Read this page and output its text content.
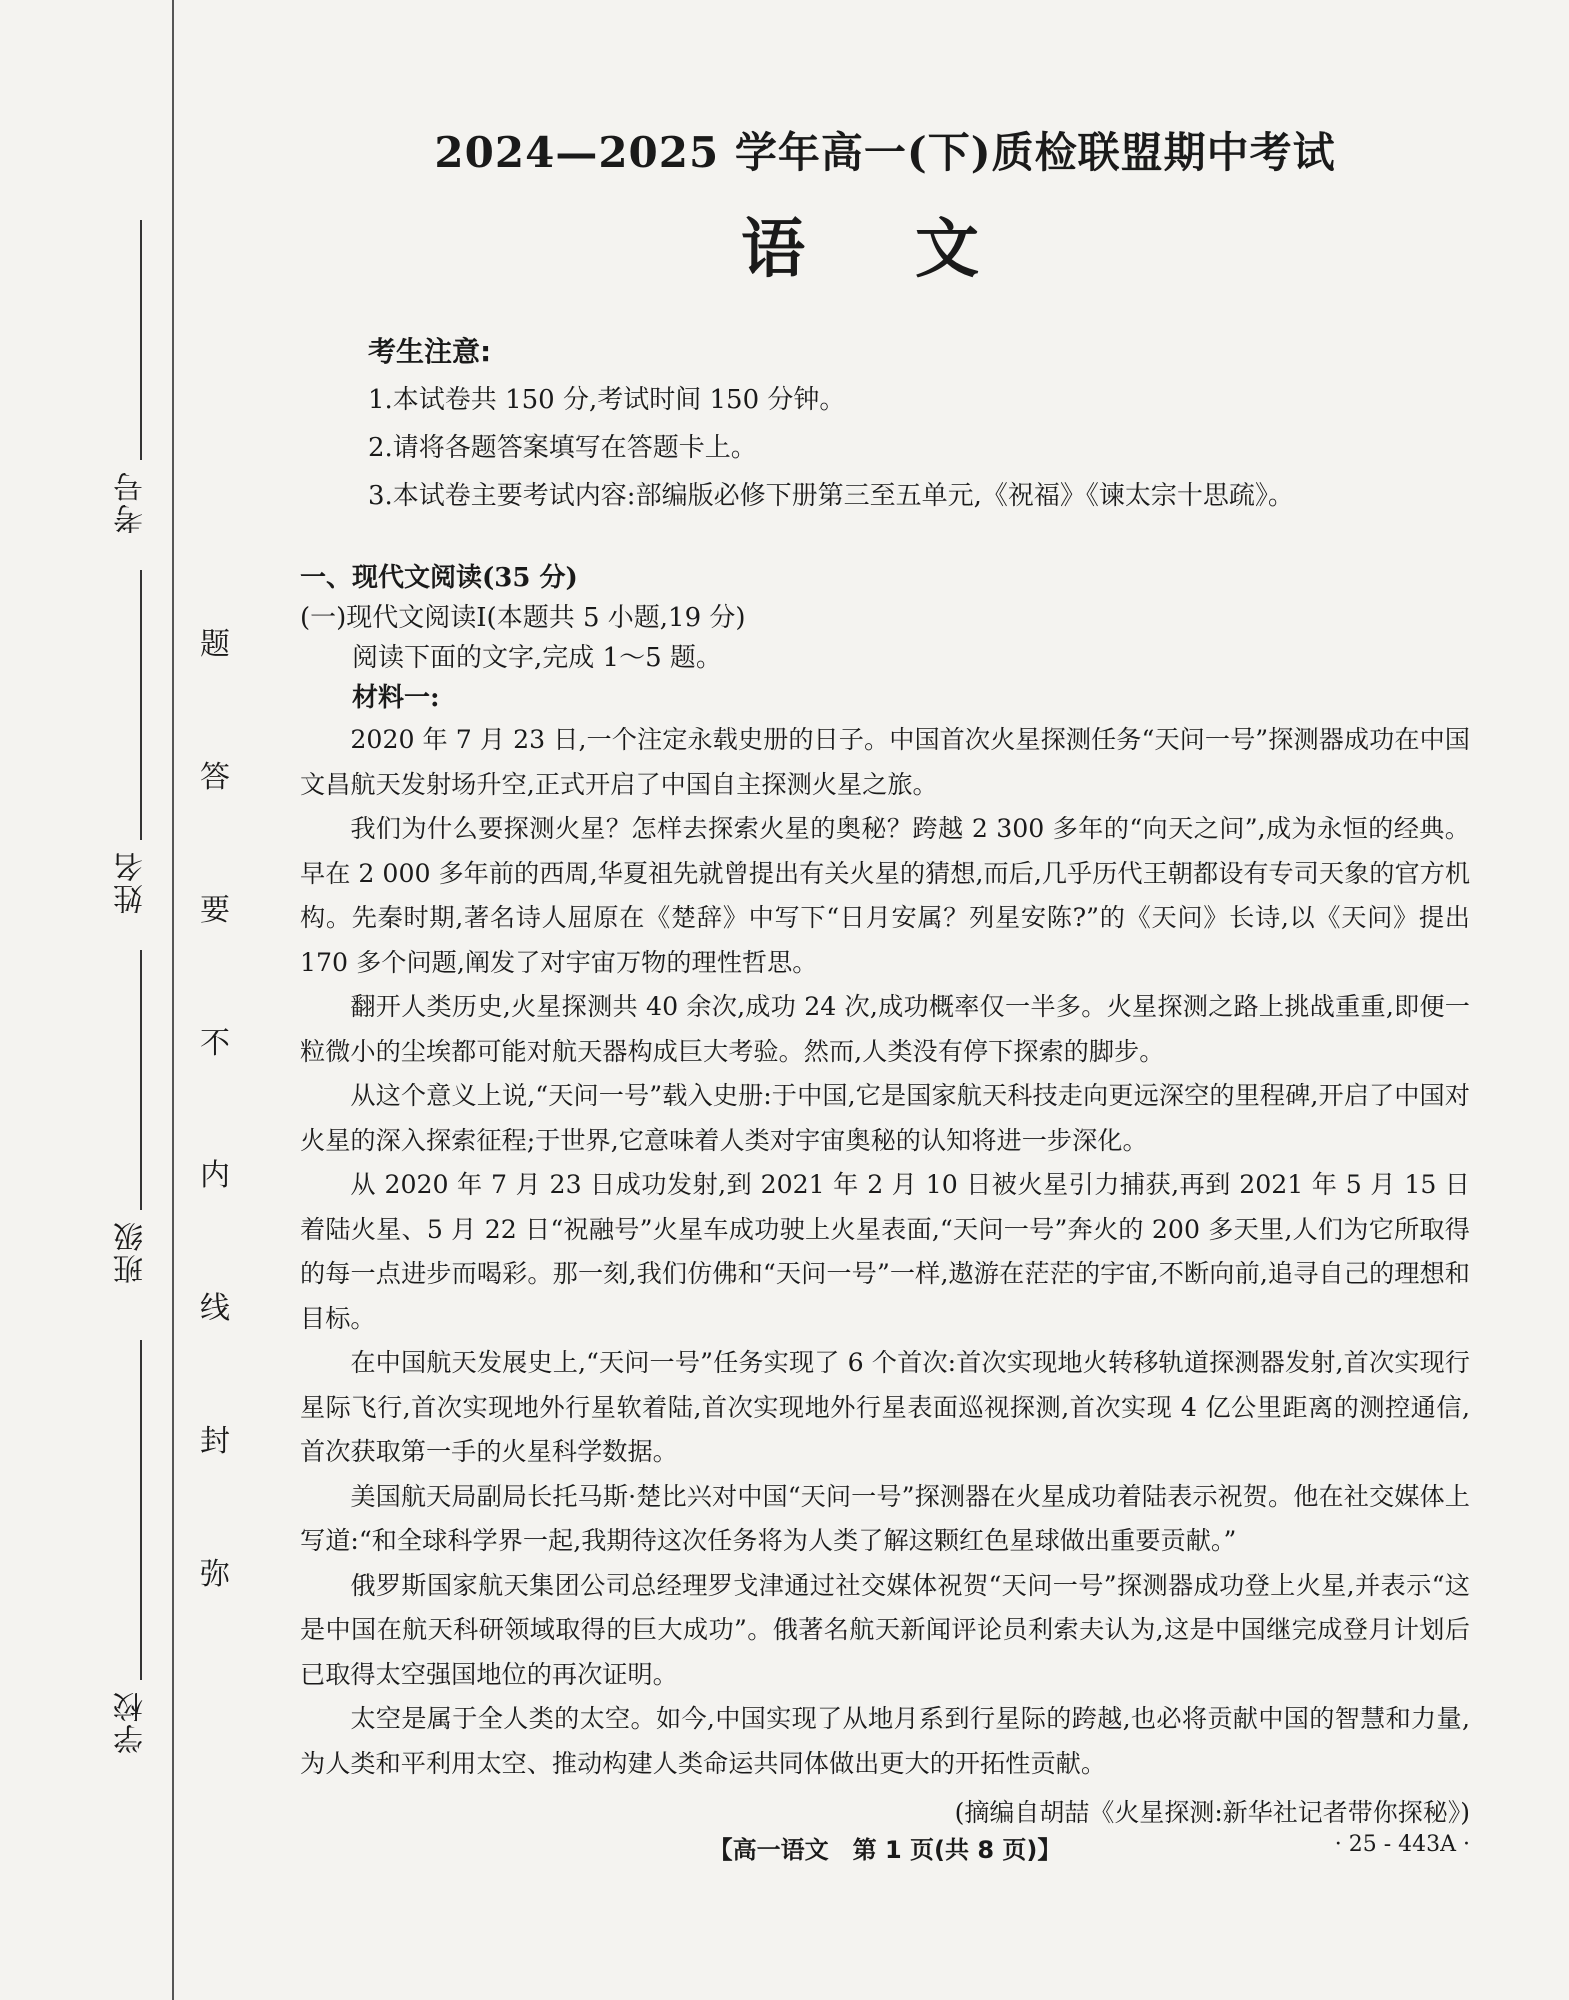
考号
姓名
班级
学校
题
答
要
不
内
线
封
弥
2024—2025 学年高一(下)质检联盟期中考试
语文
考生注意:
1.本试卷共 150 分,考试时间 150 分钟。
2.请将各题答案填写在答题卡上。
3.本试卷主要考试内容:部编版必修下册第三至五单元,《祝福》《谏太宗十思疏》。
一、现代文阅读(35 分)
(一)现代文阅读Ⅰ(本题共 5 小题,19 分)
阅读下面的文字,完成 1～5 题。
材料一:

2020 年 7 月 23 日,一个注定永载史册的日子。中国首次火星探测任务“天问一号”探测器成功在中国文昌航天发射场升空,正式开启了中国自主探测火星之旅。

我们为什么要探测火星？怎样去探索火星的奥秘？跨越 2 300 多年的“向天之问”,成为永恒的经典。早在 2 000 多年前的西周,华夏祖先就曾提出有关火星的猜想,而后,几乎历代王朝都设有专司天象的官方机构。先秦时期,著名诗人屈原在《楚辞》中写下“日月安属？列星安陈?”的《天问》长诗,以《天问》提出 170 多个问题,阐发了对宇宙万物的理性哲思。

翻开人类历史,火星探测共 40 余次,成功 24 次,成功概率仅一半多。火星探测之路上挑战重重,即便一粒微小的尘埃都可能对航天器构成巨大考验。然而,人类没有停下探索的脚步。

从这个意义上说,“天问一号”载入史册:于中国,它是国家航天科技走向更远深空的里程碑,开启了中国对火星的深入探索征程;于世界,它意味着人类对宇宙奥秘的认知将进一步深化。

从 2020 年 7 月 23 日成功发射,到 2021 年 2 月 10 日被火星引力捕获,再到 2021 年 5 月 15 日着陆火星、5 月 22 日“祝融号”火星车成功驶上火星表面,“天问一号”奔火的 200 多天里,人们为它所取得的每一点进步而喝彩。那一刻,我们仿佛和“天问一号”一样,遨游在茫茫的宇宙,不断向前,追寻自己的理想和目标。

在中国航天发展史上,“天问一号”任务实现了 6 个首次:首次实现地火转移轨道探测器发射,首次实现行星际飞行,首次实现地外行星软着陆,首次实现地外行星表面巡视探测,首次实现 4 亿公里距离的测控通信,首次获取第一手的火星科学数据。

美国航天局副局长托马斯·楚比兴对中国“天问一号”探测器在火星成功着陆表示祝贺。他在社交媒体上写道:“和全球科学界一起,我期待这次任务将为人类了解这颗红色星球做出重要贡献。”

俄罗斯国家航天集团公司总经理罗戈津通过社交媒体祝贺“天问一号”探测器成功登上火星,并表示“这是中国在航天科研领域取得的巨大成功”。俄著名航天新闻评论员利索夫认为,这是中国继完成登月计划后已取得太空强国地位的再次证明。

太空是属于全人类的太空。如今,中国实现了从地月系到行星际的跨越,也必将贡献中国的智慧和力量,为人类和平利用太空、推动构建人类命运共同体做出更大的开拓性贡献。

(摘编自胡喆《火星探测:新华社记者带你探秘》)
【高一语文　第 1 页(共 8 页)】	· 25 - 443A ·
